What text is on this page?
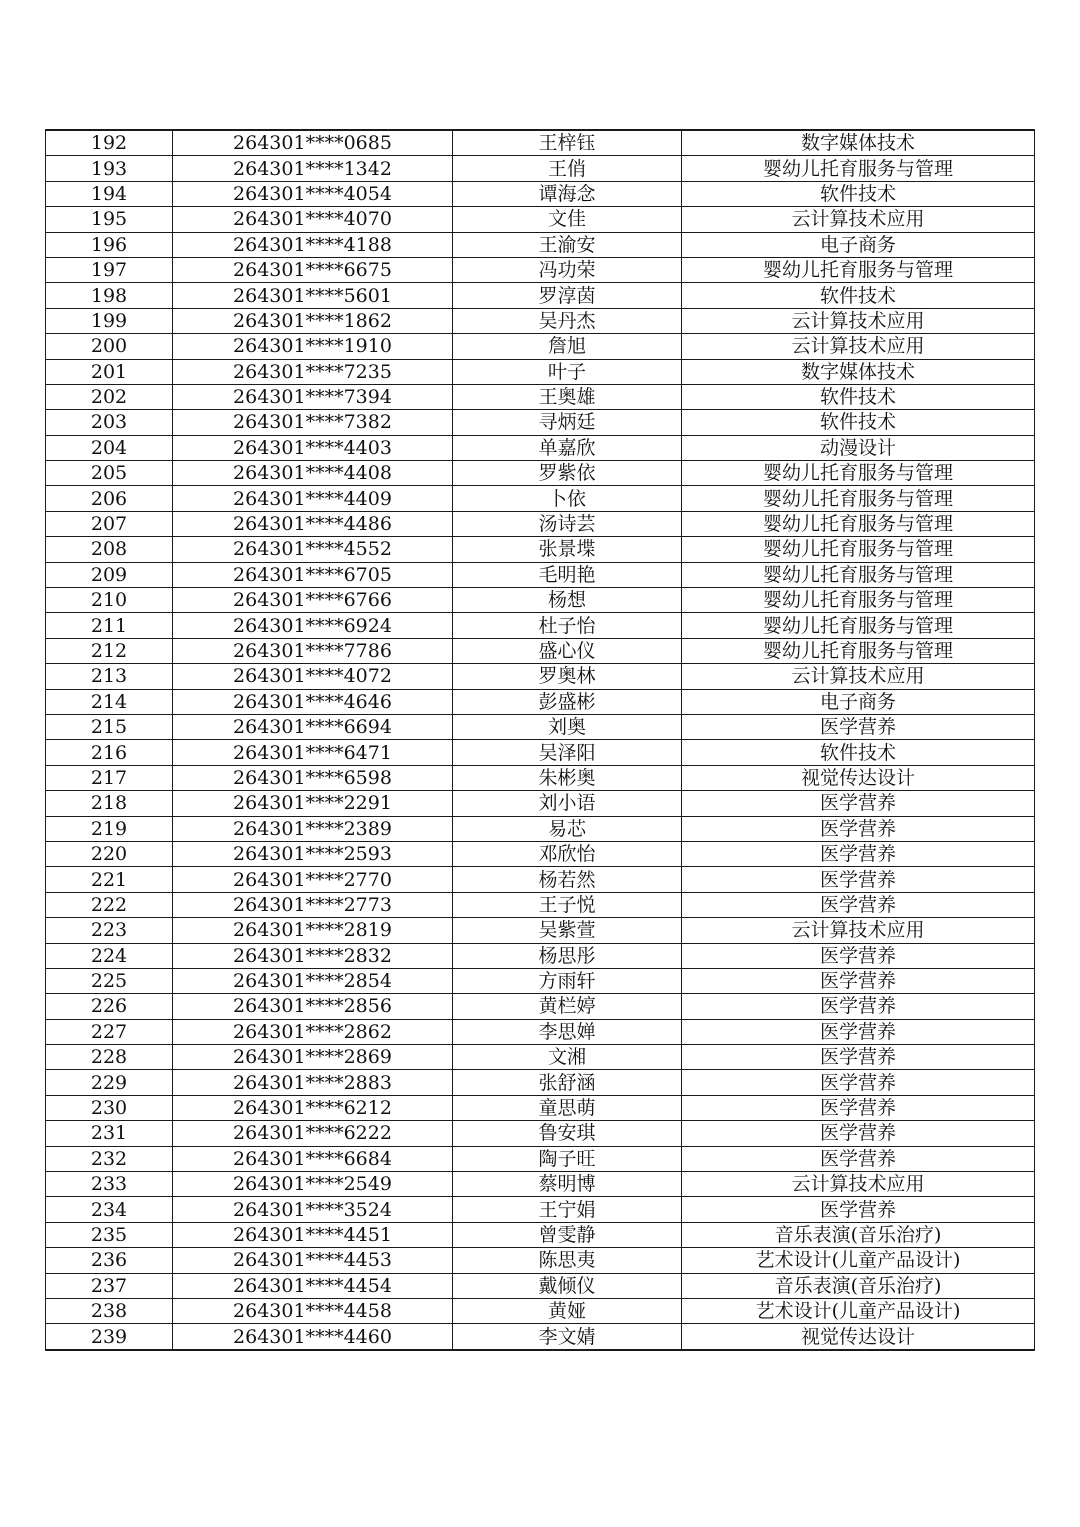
192	264301****0685	王梓钰	数字媒体技术
193	264301****1342	王俏	婴幼儿托育服务与管理
194	264301****4054	谭海念	软件技术
195	264301****4070	文佳	云计算技术应用
196	264301****4188	王渝安	电子商务
197	264301****6675	冯功荣	婴幼儿托育服务与管理
198	264301****5601	罗淳茵	软件技术
199	264301****1862	吴丹杰	云计算技术应用
200	264301****1910	詹旭	云计算技术应用
201	264301****7235	叶子	数字媒体技术
202	264301****7394	王奥雄	软件技术
203	264301****7382	寻炳廷	软件技术
204	264301****4403	单嘉欣	动漫设计
205	264301****4408	罗紫依	婴幼儿托育服务与管理
206	264301****4409	卜依	婴幼儿托育服务与管理
207	264301****4486	汤诗芸	婴幼儿托育服务与管理
208	264301****4552	张景堞	婴幼儿托育服务与管理
209	264301****6705	毛明艳	婴幼儿托育服务与管理
210	264301****6766	杨想	婴幼儿托育服务与管理
211	264301****6924	杜子怡	婴幼儿托育服务与管理
212	264301****7786	盛心仪	婴幼儿托育服务与管理
213	264301****4072	罗奥林	云计算技术应用
214	264301****4646	彭盛彬	电子商务
215	264301****6694	刘奥	医学营养
216	264301****6471	吴泽阳	软件技术
217	264301****6598	朱彬奥	视觉传达设计
218	264301****2291	刘小语	医学营养
219	264301****2389	易芯	医学营养
220	264301****2593	邓欣怡	医学营养
221	264301****2770	杨若然	医学营养
222	264301****2773	王子悦	医学营养
223	264301****2819	吴紫萱	云计算技术应用
224	264301****2832	杨思彤	医学营养
225	264301****2854	方雨轩	医学营养
226	264301****2856	黄栏婷	医学营养
227	264301****2862	李思婵	医学营养
228	264301****2869	文湘	医学营养
229	264301****2883	张舒涵	医学营养
230	264301****6212	童思萌	医学营养
231	264301****6222	鲁安琪	医学营养
232	264301****6684	陶子旺	医学营养
233	264301****2549	蔡明博	云计算技术应用
234	264301****3524	王宁娟	医学营养
235	264301****4451	曾雯静	音乐表演(音乐治疗)
236	264301****4453	陈思夷	艺术设计(儿童产品设计)
237	264301****4454	戴倾仪	音乐表演(音乐治疗)
238	264301****4458	黄娅	艺术设计(儿童产品设计)
239	264301****4460	李文婧	视觉传达设计
